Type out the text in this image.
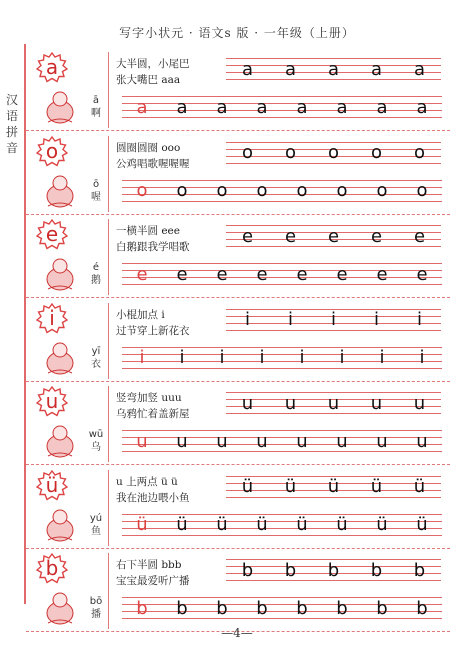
写字小状元 · 语文s 版 · 一年级（上册）
汉
语
拼
音
a
ā
啊
大半圆，小尾巴
张大嘴巴 aaa
a	a	a	a	a
a	a	a	a	a	a	a	a
o
ō
喔
圆圈圆圈 ooo
公鸡唱歌喔喔喔
o	o	o	o	o
o	o	o	o	o	o	o	o
e
é
鹅
一横半圆 eee
白鹅跟我学唱歌
e	e	e	e	e
e	e	e	e	e	e	e	e
i
yī
衣
小棍加点 i
过节穿上新花衣
i	i	i	i	i
i	i	i	i	i	i	i	i
u
wū
乌
竖弯加竖 uuu
乌鸦忙着盖新屋
u	u	u	u	u
u	u	u	u	u	u	u	u
ü
yú
鱼
u 上两点 ü ü
我在池边喂小鱼
ü	ü	ü	ü	ü
ü	ü	ü	ü	ü	ü	ü	ü
b
bō
播
右下半圆 bbb
宝宝最爱听广播
b	b	b	b	b
b	b	b	b	b	b	b	b
—4—
